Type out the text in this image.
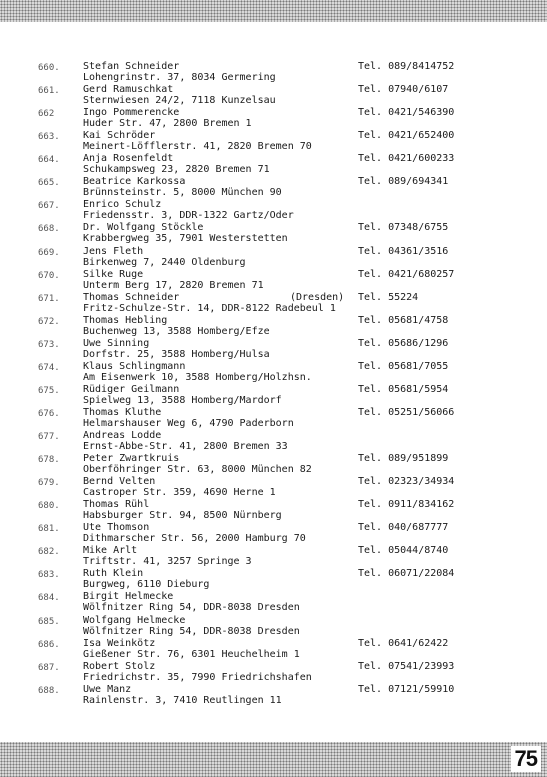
660.	Stefan Schneider	Tel. 089/8414752
Lohengrinstr. 37, 8034 Germering
661.	Gerd Ramuschkat	Tel. 07940/6107
Sternwiesen 24/2, 7118 Kunzelsau
662	Ingo Pommerencke	Tel. 0421/546390
Huder Str. 47, 2800 Bremen 1
663.	Kai Schröder	Tel. 0421/652400
Meinert-Löfflerstr. 41, 2820 Bremen 70
664.	Anja Rosenfeldt	Tel. 0421/600233
Schukampsweg 23, 2820 Bremen 71
665.	Beatrice Karkossa	Tel. 089/694341
Brünnsteinstr. 5, 8000 München 90
667.	Enrico Schulz
Friedensstr. 3, DDR-1322 Gartz/Oder
668.	Dr. Wolfgang Stöckle	Tel. 07348/6755
Krabbergweg 35, 7901 Westerstetten
669.	Jens Fleth	Tel. 04361/3516
Birkenweg 7, 2440 Oldenburg
670.	Silke Ruge	Tel. 0421/680257
Unterm Berg 17, 2820 Bremen 71
671.	Thomas Schneider	(Dresden) Tel. 55224
Fritz-Schulze-Str. 14, DDR-8122 Radebeul 1
672.	Thomas Hebling	Tel. 05681/4758
Buchenweg 13, 3588 Homberg/Efze
673.	Uwe Sinning	Tel. 05686/1296
Dorfstr. 25, 3588 Homberg/Hulsa
674.	Klaus Schlingmann	Tel. 05681/7055
Am Eisenwerk 10, 3588 Homberg/Holzhsn.
675.	Rüdiger Geilmann	Tel. 05681/5954
Spielweg 13, 3588 Homberg/Mardorf
676.	Thomas Kluthe	Tel. 05251/56066
Helmarshauser Weg 6, 4790 Paderborn
677.	Andreas Lodde
Ernst-Abbe-Str. 41, 2800 Bremen 33
678.	Peter Zwartkruis	Tel. 089/951899
Oberföhringer Str. 63, 8000 München 82
679.	Bernd Velten	Tel. 02323/34934
Castroper Str. 359, 4690 Herne 1
680.	Thomas Rühl	Tel. 0911/834162
Habsburger Str. 94, 8500 Nürnberg
681.	Ute Thomson	Tel. 040/687777
Dithmarscher Str. 56, 2000 Hamburg 70
682.	Mike Arlt	Tel. 05044/8740
Triftstr. 41, 3257 Springe 3
683.	Ruth Klein	Tel. 06071/22084
Burgweg, 6110 Dieburg
684.	Birgit Helmecke
Wölfnitzer Ring 54, DDR-8038 Dresden
685.	Wolfgang Helmecke
Wölfnitzer Ring 54, DDR-8038 Dresden
686.	Isa Weinkötz	Tel. 0641/62422
Gießener Str. 76, 6301 Heuchelheim 1
687.	Robert Stolz	Tel. 07541/23993
Friedrichstr. 35, 7990 Friedrichshafen
688.	Uwe Manz	Tel. 07121/59910
Rainlenstr. 3, 7410 Reutlingen 11
75
